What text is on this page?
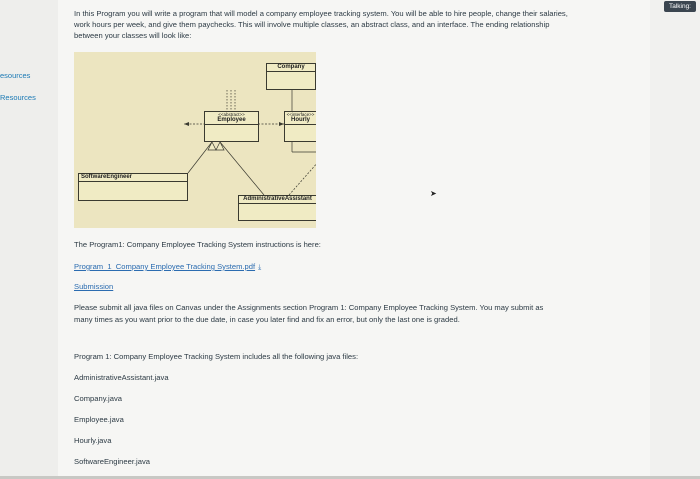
esources
Resources
In this Program you will write a program that will model a company employee tracking system. You will be able to hire people, change their salaries, work hours per week, and give them paychecks. This will involve multiple classes, an abstract class, and an interface. The ending relationship between your classes will look like:
Company
<<abstract>>
Employee
<<interface>>
Hourly
SoftwareEngineer
AdministrativeAssistant
The Program1: Company Employee Tracking System instructions is here:
Program_1_Company Employee Tracking System.pdf ⤓
Submission
Please submit all java files on Canvas under the Assignments section Program 1: Company Employee Tracking System. You may submit as many times as you want prior to the due date, in case you later find and fix an error, but only the last one is graded.
Program 1: Company Employee Tracking System includes all the following java files:
AdministrativeAssistant.java
Company.java
Employee.java
Hourly.java
SoftwareEngineer.java
➤
Talking:
